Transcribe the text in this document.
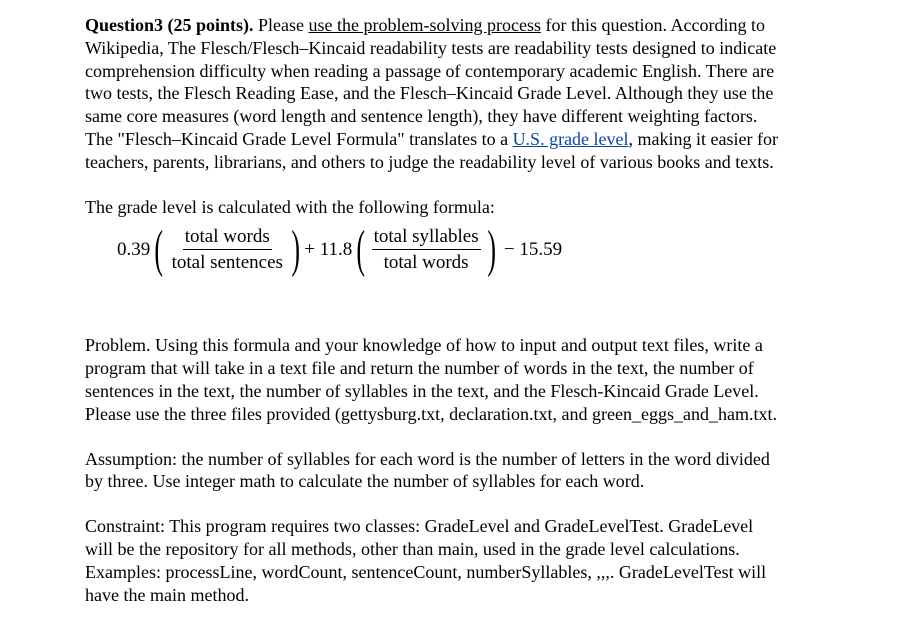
Question3 (25 points). Please use the problem-solving process for this question. According to
Wikipedia, The Flesch/Flesch–Kincaid readability tests are readability tests designed to indicate
comprehension difficulty when reading a passage of contemporary academic English. There are
two tests, the Flesch Reading Ease, and the Flesch–Kincaid Grade Level. Although they use the
same core measures (word length and sentence length), they have different weighting factors.
The "Flesch–Kincaid Grade Level Formula" translates to a U.S. grade level, making it easier for
teachers, parents, librarians, and others to judge the readability level of various books and texts.
The grade level is calculated with the following formula:
0.39 ( $\frac{\text{total words}}{\text{total sentences}}$ ) + 11.8 ( $\frac{\text{total syllables}}{\text{total words}}$ ) − 15.59
Problem. Using this formula and your knowledge of how to input and output text files, write a
program that will take in a text file and return the number of words in the text, the number of
sentences in the text, the number of syllables in the text, and the Flesch-Kincaid Grade Level.
Please use the three files provided (gettysburg.txt, declaration.txt, and green_eggs_and_ham.txt.
Assumption: the number of syllables for each word is the number of letters in the word divided
by three. Use integer math to calculate the number of syllables for each word.
Constraint: This program requires two classes: GradeLevel and GradeLevelTest. GradeLevel
will be the repository for all methods, other than main, used in the grade level calculations.
Examples: processLine, wordCount, sentenceCount, numberSyllables, ,,,. GradeLevelTest will
have the main method.
